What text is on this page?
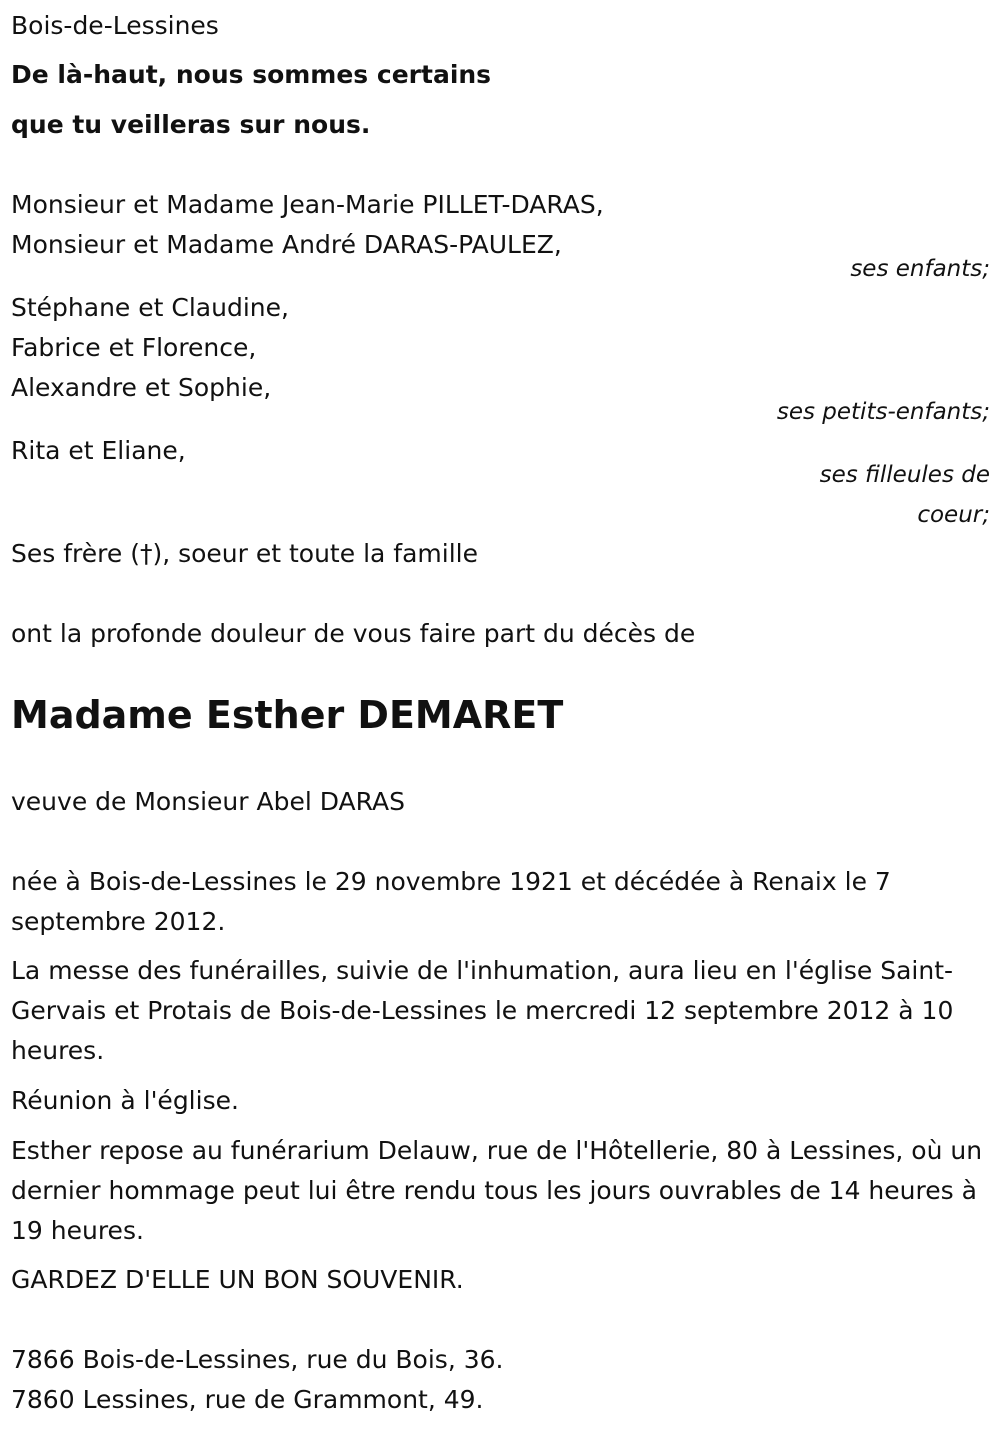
Bois-de-Lessines
De là-haut, nous sommes certains
que tu veilleras sur nous.
Monsieur et Madame Jean-Marie PILLET-DARAS,
Monsieur et Madame André DARAS-PAULEZ,
ses enfants;
Stéphane et Claudine,
Fabrice et Florence,
Alexandre et Sophie,
ses petits-enfants;
Rita et Eliane,
ses filleules de
coeur;
Ses frère (†), soeur et toute la famille
ont la profonde douleur de vous faire part du décès de
Madame Esther DEMARET
veuve de Monsieur Abel DARAS
née à Bois-de-Lessines le 29 novembre 1921 et décédée à Renaix le 7 septembre 2012.
La messe des funérailles, suivie de l'inhumation, aura lieu en l'église Saint-Gervais et Protais de Bois-de-Lessines le mercredi 12 septembre 2012 à 10 heures.
Réunion à l'église.
Esther repose au funérarium Delauw, rue de l'Hôtellerie, 80 à Lessines, où un dernier hommage peut lui être rendu tous les jours ouvrables de 14 heures à 19 heures.
GARDEZ D'ELLE UN BON SOUVENIR.
7866 Bois-de-Lessines, rue du Bois, 36.
7860 Lessines, rue de Grammont, 49.
